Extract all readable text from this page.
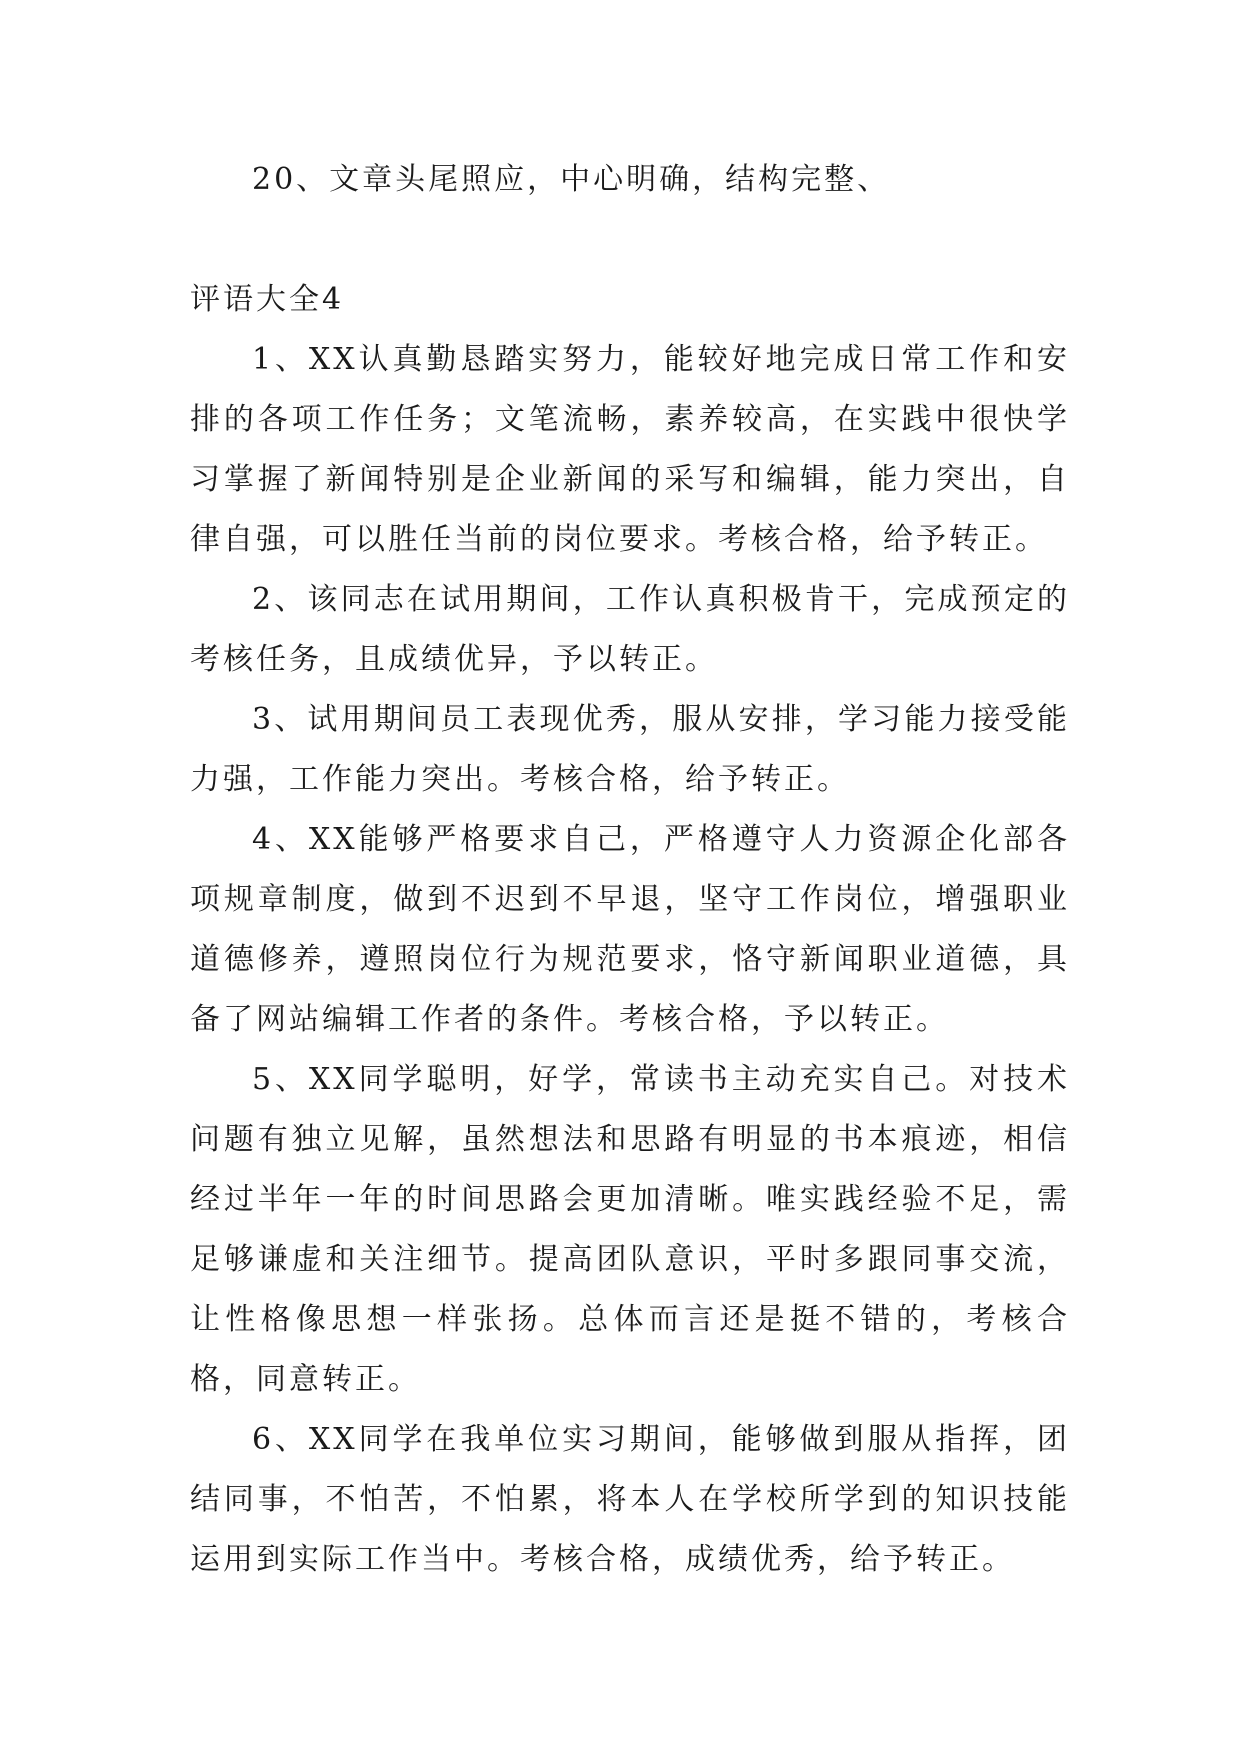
20、文章头尾照应，中心明确，结构完整、

评语大全4

1、XX认真勤恳踏实努力，能较好地完成日常工作和安排的各项工作任务；文笔流畅，素养较高，在实践中很快学习掌握了新闻特别是企业新闻的采写和编辑，能力突出，自律自强，可以胜任当前的岗位要求。考核合格，给予转正。

2、该同志在试用期间，工作认真积极肯干，完成预定的考核任务，且成绩优异，予以转正。

3、试用期间员工表现优秀，服从安排，学习能力接受能力强，工作能力突出。考核合格，给予转正。

4、XX能够严格要求自己，严格遵守人力资源企化部各项规章制度，做到不迟到不早退，坚守工作岗位，增强职业道德修养，遵照岗位行为规范要求，恪守新闻职业道德，具备了网站编辑工作者的条件。考核合格，予以转正。

5、XX同学聪明，好学，常读书主动充实自己。对技术问题有独立见解，虽然想法和思路有明显的书本痕迹，相信经过半年一年的时间思路会更加清晰。唯实践经验不足，需足够谦虚和关注细节。提高团队意识，平时多跟同事交流，让性格像思想一样张扬。总体而言还是挺不错的，考核合格，同意转正。

6、XX同学在我单位实习期间，能够做到服从指挥，团结同事，不怕苦，不怕累，将本人在学校所学到的知识技能运用到实际工作当中。考核合格，成绩优秀，给予转正。
